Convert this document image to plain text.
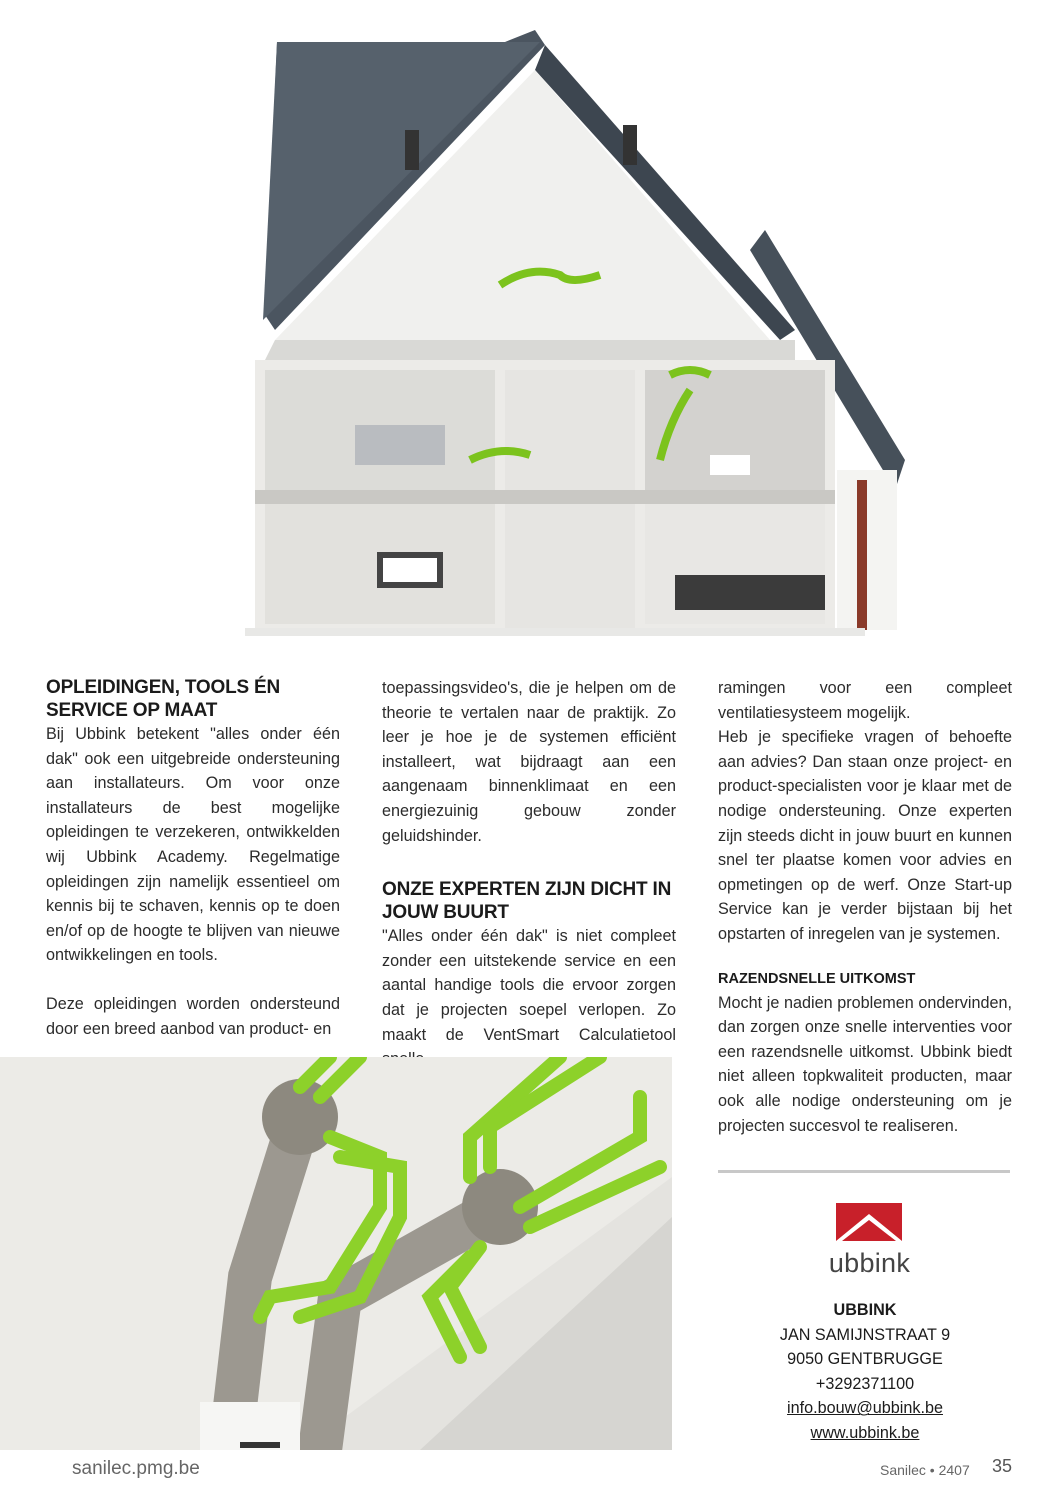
OPLEIDINGEN, TOOLS ÉN SERVICE OP MAAT

Bij Ubbink betekent "alles onder één dak" ook een uitgebreide ondersteuning aan installateurs. Om voor onze installateurs de best mogelijke opleidingen te verzekeren, ontwikkelden wij Ubbink Academy. Regelmatige opleidingen zijn namelijk essentieel om kennis bij te schaven, kennis op te doen en/of op de hoogte te blijven van nieuwe ontwikkelingen en tools.

Deze opleidingen worden ondersteund door een breed aanbod van product- en

toepassingsvideo's, die je helpen om de theorie te vertalen naar de praktijk. Zo leer je hoe je de systemen efficiënt installeert, wat bijdraagt aan een aangenaam binnenklimaat en een energiezuinig gebouw zonder geluidshinder.

ONZE EXPERTEN ZIJN DICHT IN JOUW BUURT

"Alles onder één dak" is niet compleet zonder een uitstekende service en een aantal handige tools die ervoor zorgen dat je projecten soepel verlopen. Zo maakt de VentSmart Calculatietool

ramingen voor een compleet ventilatiesysteem mogelijk.

Heb je specifieke vragen of behoefte aan advies? Dan staan onze project- en product-specialisten voor je klaar met de nodige ondersteuning. Onze experten zijn steeds dicht in jouw buurt en kunnen snel ter plaatse komen voor advies en opmetingen op de werf. Onze Start-up Service kan je verder bijstaan bij het opstarten of inregelen van je systemen.

RAZENDSNELLE UITKOMST

Mocht je nadien problemen ondervinden, dan zorgen onze snelle interventies voor een razendsnelle uitkomst. Ubbink biedt niet alleen topkwaliteit producten, maar ook alle nodige ondersteuning om je projecten succesvol te realiseren.

ubbink
UBBINK
JAN SAMIJNSTRAAT 9
9050 GENTBRUGGE
+3292371100
info.bouw@ubbink.be
www.ubbink.be
sanilec.pmg.be	Sanilec • 2407 35
